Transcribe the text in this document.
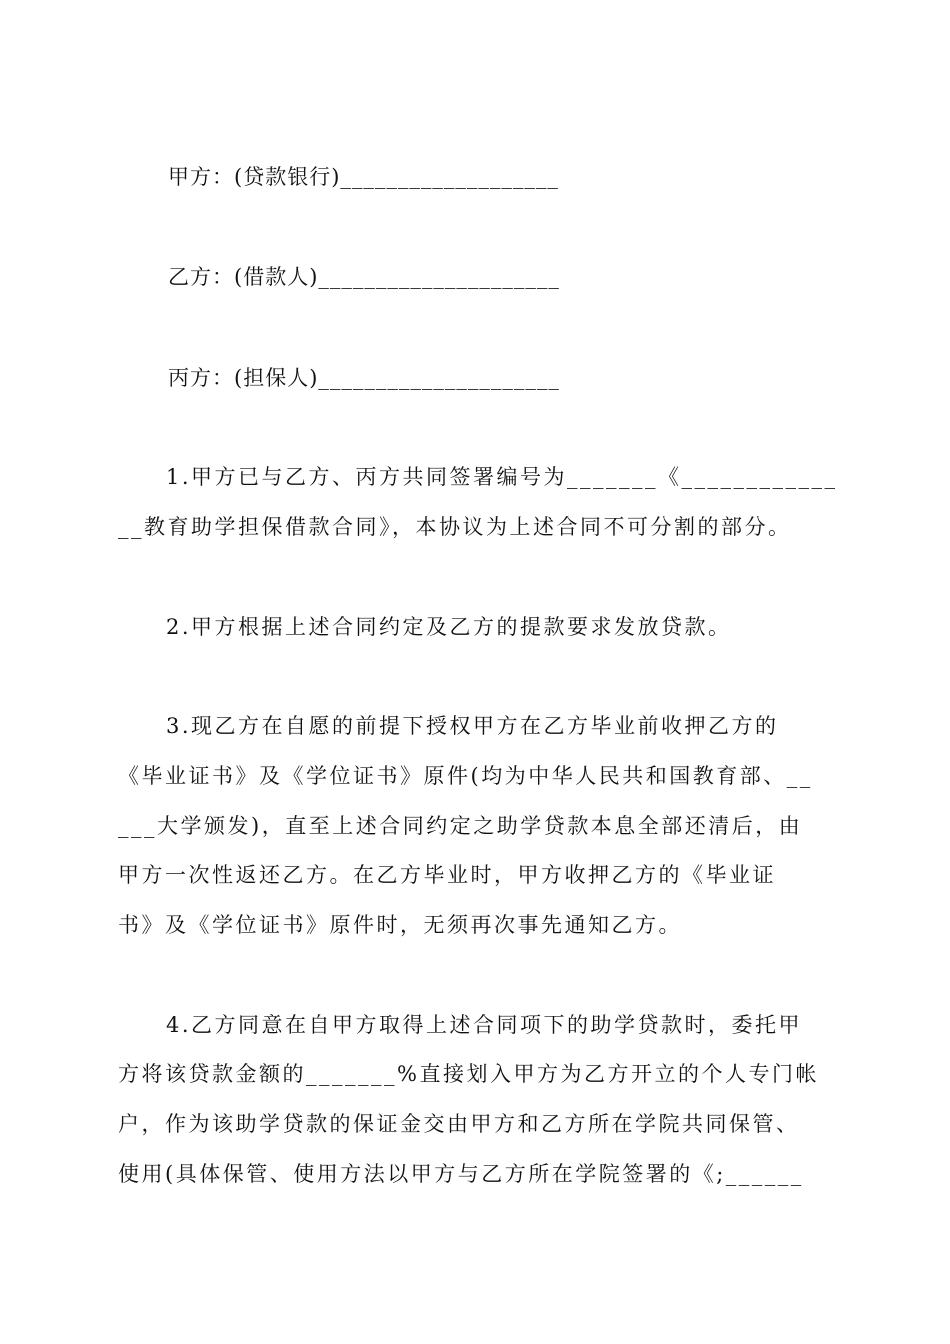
甲方：(贷款银行)___________________
乙方：(借款人)_____________________
丙方：(担保人)_____________________
1.甲方已与乙方、丙方共同签署编号为_______《____________
__教育助学担保借款合同》，本协议为上述合同不可分割的部分。
2.甲方根据上述合同约定及乙方的提款要求发放贷款。
3.现乙方在自愿的前提下授权甲方在乙方毕业前收押乙方的
《毕业证书》及《学位证书》原件(均为中华人民共和国教育部、__
___大学颁发)，直至上述合同约定之助学贷款本息全部还清后，由
甲方一次性返还乙方。在乙方毕业时，甲方收押乙方的《毕业证
书》及《学位证书》原件时，无须再次事先通知乙方。
4.乙方同意在自甲方取得上述合同项下的助学贷款时，委托甲
方将该贷款金额的_______%直接划入甲方为乙方开立的个人专门帐
户，作为该助学贷款的保证金交由甲方和乙方所在学院共同保管、
使用(具体保管、使用方法以甲方与乙方所在学院签署的《;______
